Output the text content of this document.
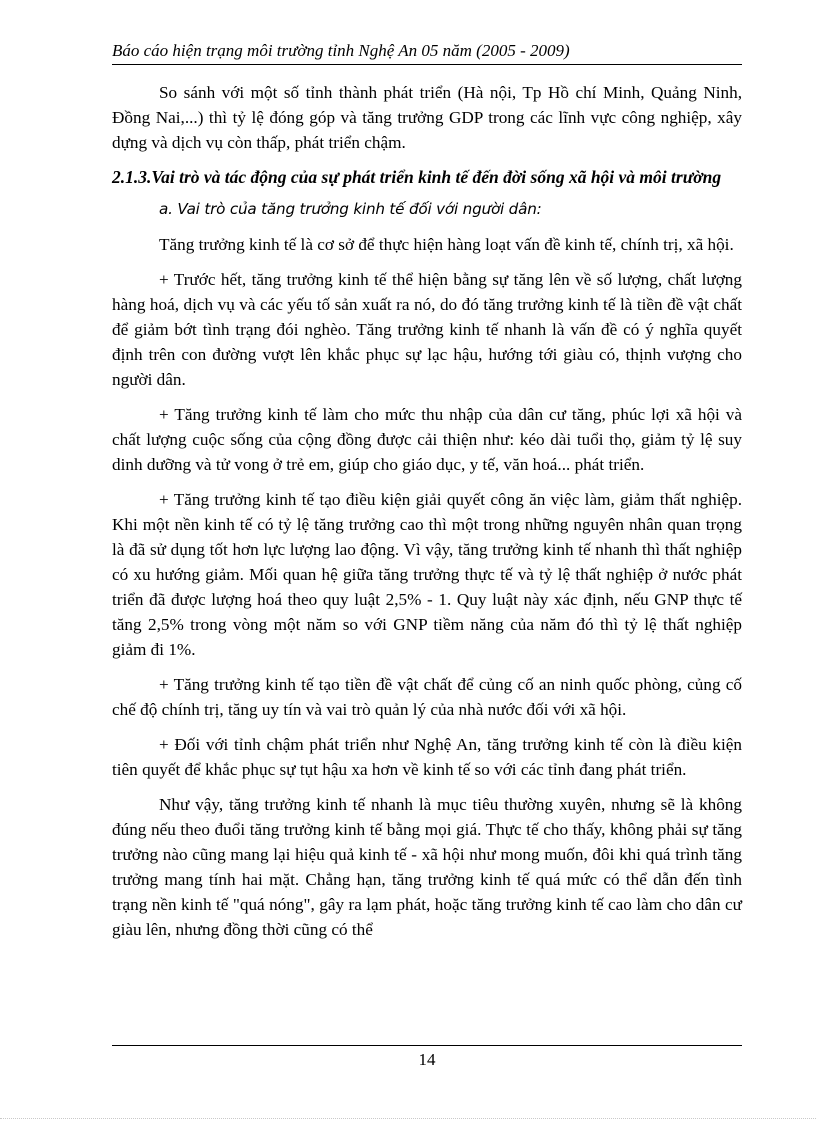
Báo cáo hiện trạng môi trường tỉnh Nghệ An 05 năm (2005 - 2009)

So sánh với một số tỉnh thành phát triển (Hà nội, Tp Hồ chí Minh, Quảng Ninh, Đồng Nai,...) thì tỷ lệ đóng góp và tăng trưởng GDP trong các lĩnh vực công nghiệp, xây dựng và dịch vụ còn thấp, phát triển chậm.

2.1.3.Vai trò và tác động của sự phát triển kinh tế đến đời sống xã hội và môi trường

a. Vai trò của tăng trưởng kinh tế đối với người dân:

Tăng trưởng kinh tế là cơ sở để thực hiện hàng loạt vấn đề kinh tế, chính trị, xã hội.

+ Trước hết, tăng trưởng kinh tế thể hiện bằng sự tăng lên về số lượng, chất lượng hàng hoá, dịch vụ và các yếu tố sản xuất ra nó, do đó tăng trưởng kinh tế là tiền đề vật chất để giảm bớt tình trạng đói nghèo. Tăng trưởng kinh tế nhanh là vấn đề có ý nghĩa quyết định trên con đường vượt lên khắc phục sự lạc hậu, hướng tới giàu có, thịnh vượng cho người dân.

+ Tăng trưởng kinh tế làm cho mức thu nhập của dân cư tăng, phúc lợi xã hội và chất lượng cuộc sống của cộng đồng được cải thiện như: kéo dài tuổi thọ, giảm tỷ lệ suy dinh dưỡng và tử vong ở trẻ em, giúp cho giáo dục, y tế, văn hoá... phát triển.

+ Tăng trưởng kinh tế tạo điều kiện giải quyết công ăn việc làm, giảm thất nghiệp. Khi một nền kinh tế có tỷ lệ tăng trưởng cao thì một trong những nguyên nhân quan trọng là đã sử dụng tốt hơn lực lượng lao động. Vì vậy, tăng trưởng kinh tế nhanh thì thất nghiệp có xu hướng giảm. Mối quan hệ giữa tăng trưởng thực tế và tỷ lệ thất nghiệp ở nước phát triển đã được lượng hoá theo quy luật 2,5% - 1. Quy luật này xác định, nếu GNP thực tế tăng 2,5% trong vòng một năm so với GNP tiềm năng của năm đó thì tỷ lệ thất nghiệp giảm đi 1%.

+ Tăng trưởng kinh tế tạo tiền đề vật chất để củng cố an ninh quốc phòng, củng cố chế độ chính trị, tăng uy tín và vai trò quản lý của nhà nước đối với xã hội.

+ Đối với tỉnh chậm phát triển như Nghệ An, tăng trưởng kinh tế còn là điều kiện tiên quyết để khắc phục sự tụt hậu xa hơn về kinh tế so với các tỉnh đang phát triển.

Như vậy, tăng trưởng kinh tế nhanh là mục tiêu thường xuyên, nhưng sẽ là không đúng nếu theo đuổi tăng trưởng kinh tế bằng mọi giá. Thực tế cho thấy, không phải sự tăng trưởng nào cũng mang lại hiệu quả kinh tế - xã hội như mong muốn, đôi khi quá trình tăng trưởng mang tính hai mặt. Chẳng hạn, tăng trưởng kinh tế quá mức có thể dẫn đến tình trạng nền kinh tế "quá nóng", gây ra lạm phát, hoặc tăng trưởng kinh tế cao làm cho dân cư giàu lên, nhưng đồng thời cũng có thể

14
